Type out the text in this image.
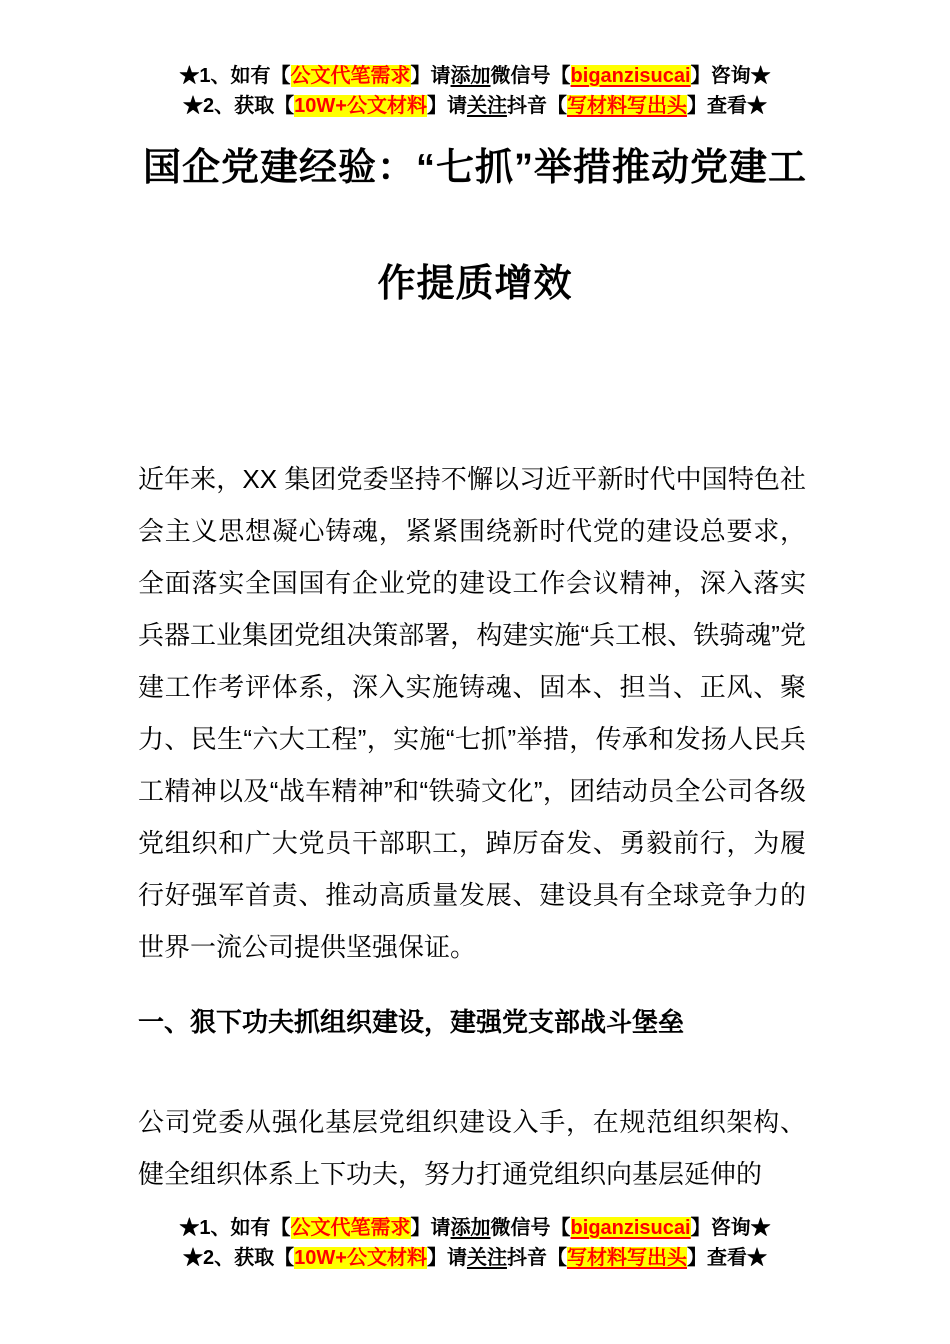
★1、如有【公文代笔需求】请添加微信号【biganzisucai】咨询★
★2、获取【10W+公文材料】请关注抖音【写材料写出头】查看★
国企党建经验：“七抓”举措推动党建工
作提质增效

近年来，XX 集团党委坚持不懈以习近平新时代中国特色社会主义思想凝心铸魂，紧紧围绕新时代党的建设总要求，全面落实全国国有企业党的建设工作会议精神，深入落实兵器工业集团党组决策部署，构建实施“兵工根、铁骑魂”党建工作考评体系，深入实施铸魂、固本、担当、正风、聚力、民生“六大工程”，实施“七抓”举措，传承和发扬人民兵工精神以及“战车精神”和“铁骑文化”，团结动员全公司各级党组织和广大党员干部职工，踔厉奋发、勇毅前行，为履行好强军首责、推动高质量发展、建设具有全球竞争力的世界一流公司提供坚强保证。

一、狠下功夫抓组织建设，建强党支部战斗堡垒

公司党委从强化基层党组织建设入手，在规范组织架构、健全组织体系上下功夫，努力打通党组织向基层延伸的

★1、如有【公文代笔需求】请添加微信号【biganzisucai】咨询★
★2、获取【10W+公文材料】请关注抖音【写材料写出头】查看★
